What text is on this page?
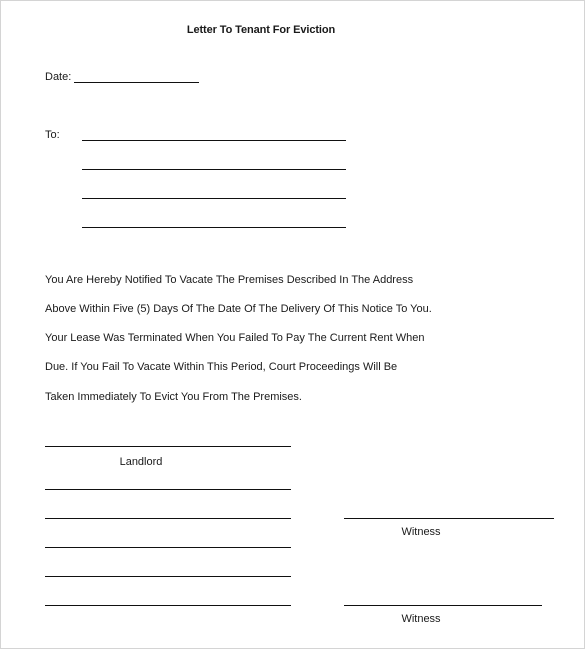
Letter To Tenant For Eviction
Date:
To:
You Are Hereby Notified To Vacate The Premises Described In The Address
Above Within Five (5) Days Of The Date Of The Delivery Of This Notice To You.
Your Lease Was Terminated When You Failed To Pay The Current Rent When
Due. If You Fail To Vacate Within This Period, Court Proceedings Will Be
Taken Immediately To Evict You From The Premises.
Landlord
Witness
Witness
